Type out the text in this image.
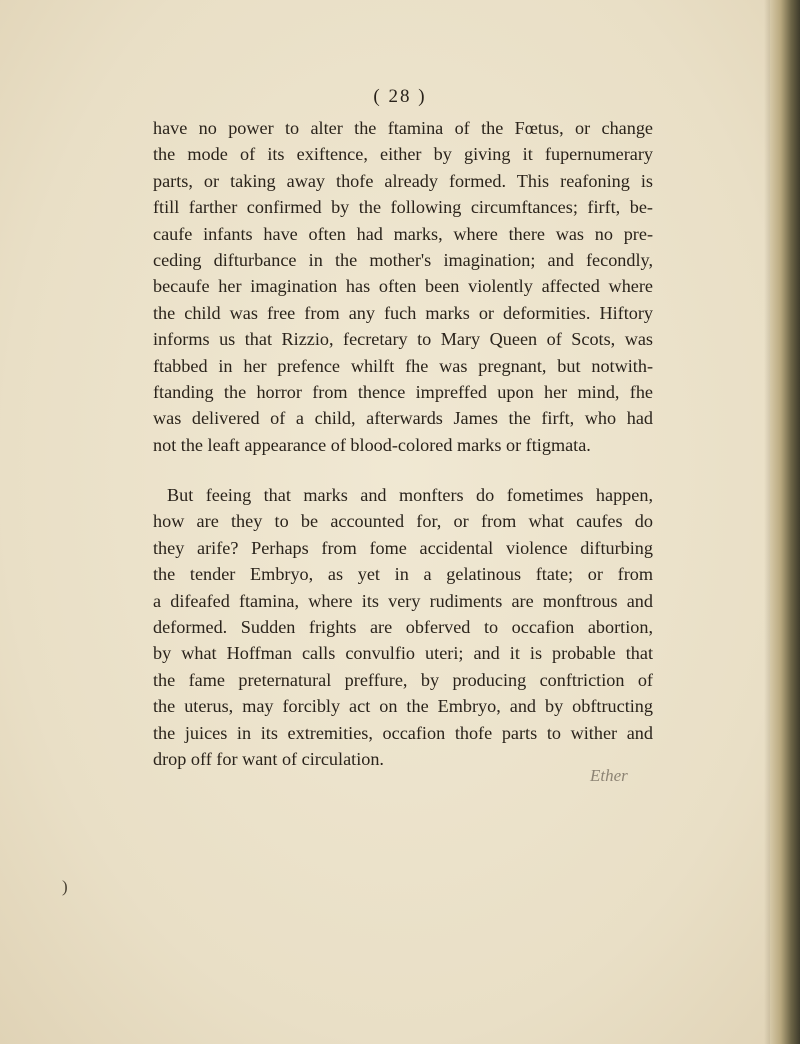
( 28 )

have no power to alter the ftamina of the Fœtus, or change
the mode of its exiftence, either by giving it fupernumerary
parts, or taking away thofe already formed. This reafoning is
ftill farther confirmed by the following circumftances; firft, be-
caufe infants have often had marks, where there was no pre-
ceding difturbance in the mother's imagination; and fecondly,
becaufe her imagination has often been violently affected where
the child was free from any fuch marks or deformities. Hiftory
informs us that Rizzio, fecretary to Mary Queen of Scots, was
ftabbed in her prefence whilft fhe was pregnant, but notwith-
ftanding the horror from thence impreffed upon her mind, fhe
was delivered of a child, afterwards James the firft, who had
not the leaft appearance of blood-colored marks or ftigmata.

But feeing that marks and monfters do fometimes happen,
how are they to be accounted for, or from what caufes do
they arife? Perhaps from fome accidental violence difturbing
the tender Embryo, as yet in a gelatinous ftate; or from
a difeafed ftamina, where its very rudiments are monftrous and
deformed. Sudden frights are obferved to occafion abortion,
by what Hoffman calls convulfio uteri; and it is probable that
the fame preternatural preffure, by producing conftriction of
the uterus, may forcibly act on the Embryo, and by obftructing
the juices in its extremities, occafion thofe parts to wither and
drop off for want of circulation.

Ether
)
